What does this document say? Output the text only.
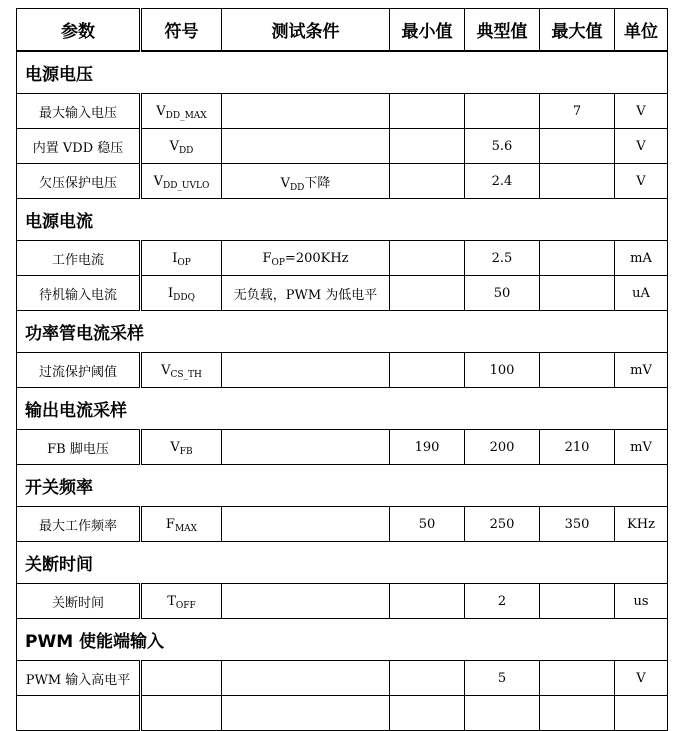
参数	符号	测试条件	最小值	典型值	最大值	单位
电源电压						
最大输入电压	$V_{DD\_MAX}$				7	V
内置 VDD 稳压	$V_{DD}$			5.6		V
欠压保护电压	$V_{DD\_UVLO}$	$V_{DD}$下降		2.4		V
电源电流						
工作电流	$I_{OP}$	$F_{OP}=200KHz$		2.5		mA
待机输入电流	$I_{DDQ}$	无负载，PWM 为低电平		50		uA
功率管电流采样						
过流保护阈值	$V_{CS\_TH}$			100		mV
输出电流采样						
FB 脚电压	$V_{FB}$		190	200	210	mV
开关频率						
最大工作频率	$F_{MAX}$		50	250	350	KHz
关断时间						
关断时间	$T_{OFF}$			2		us
PWM 使能端输入						
PWM 输入高电平				5		V
